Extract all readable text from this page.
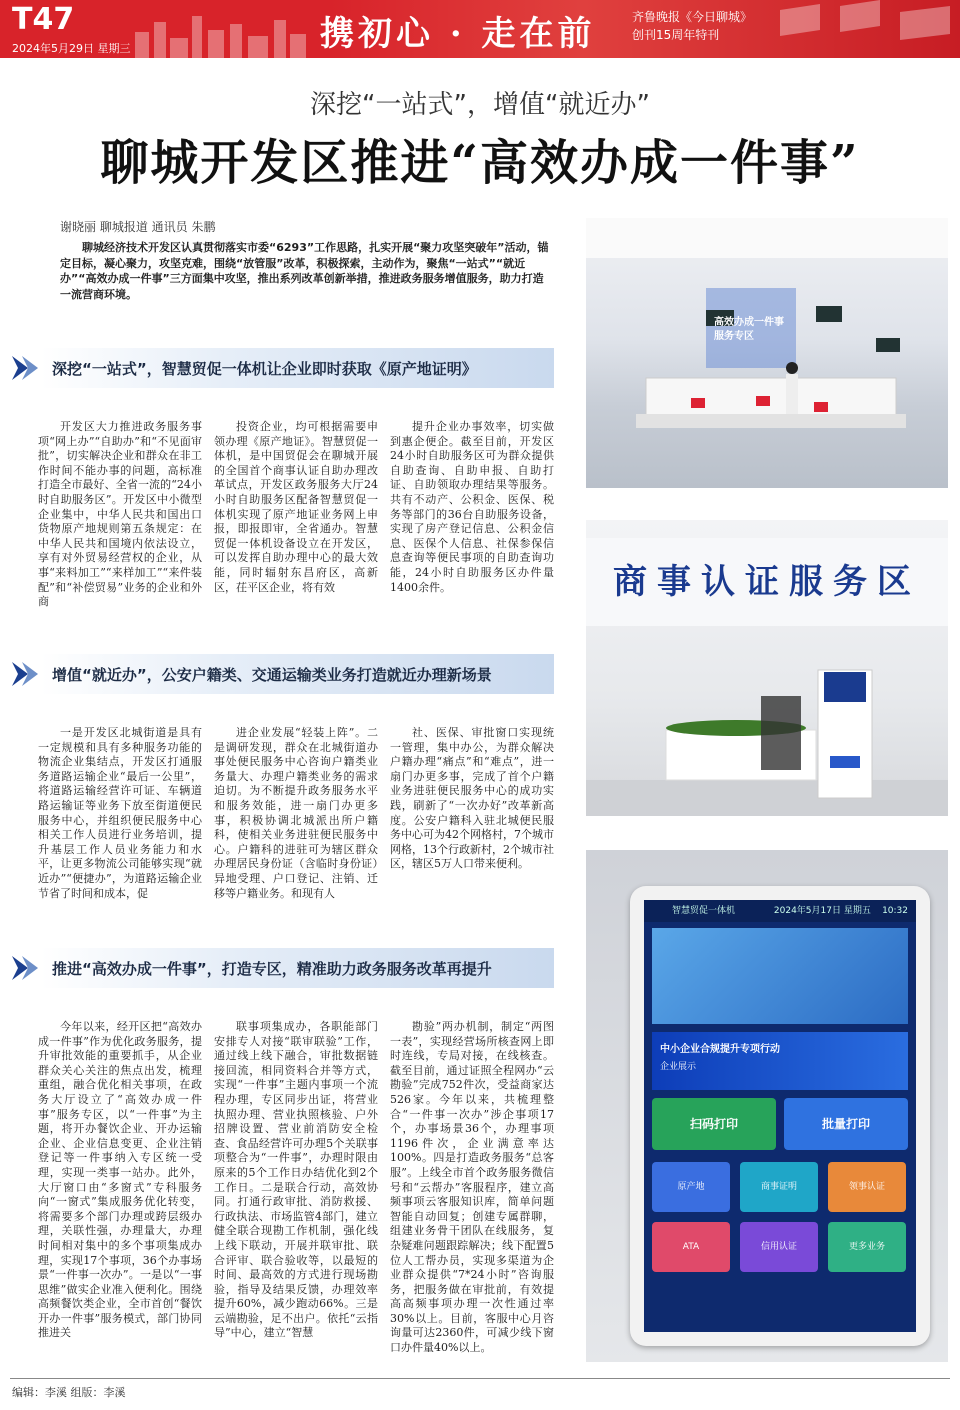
T47
2024年5月29日 星期三	携初心 · 走在前	齐鲁晚报《今日聊城》
创刊15周年特刊
深挖“一站式”，增值“就近办”
聊城开发区推进“高效办成一件事”
谢晓丽 聊城报道 通讯员 朱鹏
聊城经济技术开发区认真贯彻落实市委“6293”工作思路，扎实开展“聚力攻坚突破年”活动，锚定目标，凝心聚力，攻坚克难，围绕“放管服”改革，积极探索，主动作为，聚焦“一站式”“就近办”“高效办成一件事”三方面集中攻坚，推出系列改革创新举措，推进政务服务增值服务，助力打造一流营商环境。
深挖“一站式”，智慧贸促一体机让企业即时获取《原产地证明》

开发区大力推进政务服务事项“网上办”“自助办”和“不见面审批”，切实解决企业和群众在非工作时间不能办事的问题，高标准打造全市最好、全省一流的“24小时自助服务区”。开发区中小微型企业集中，中华人民共和国出口货物原产地规则第五条规定：在中华人民共和国境内依法设立，享有对外贸易经营权的企业，从事“来料加工”“来样加工”“来件装配”和“补偿贸易”业务的企业和外商

投资企业，均可根据需要申领办理《原产地证》。智慧贸促一体机，是中国贸促会在聊城开展的全国首个商事认证自助办理改革试点，开发区政务服务大厅24小时自助服务区配备智慧贸促一体机实现了原产地证业务网上申报，即报即审，全省通办。智慧贸促一体机设备设立在开发区，可以发挥自助办理中心的最大效能，同时辐射东昌府区，高新区，茌平区企业，将有效

提升企业办事效率，切实做到惠企便企。截至目前，开发区24小时自助服务区可为群众提供自助查询、自助申报、自助打证、自助领取办理结果等服务。共有不动产、公积金、医保、税务等部门的36台自助服务设备，实现了房产登记信息、公积金信息、医保个人信息、社保参保信息查询等便民事项的自助查询功能，24小时自助服务区办件量1400余件。

增值“就近办”，公安户籍类、交通运输类业务打造就近办理新场景

一是开发区北城街道是具有一定规模和具有多种服务功能的物流企业集结点，开发区打通服务道路运输企业“最后一公里”，将道路运输经营许可证、车辆道路运输证等业务下放至街道便民服务中心，并组织便民服务中心相关工作人员进行业务培训，提升基层工作人员业务能力和水平，让更多物流公司能够实现“就近办”“便捷办”，为道路运输企业节省了时间和成本，促

进企业发展“轻装上阵”。二是调研发现，群众在北城街道办事处便民服务中心咨询户籍类业务量大、办理户籍类业务的需求迫切。为不断提升政务服务水平和服务效能，进一扇门办更多事，积极协调北城派出所户籍科，使相关业务进驻便民服务中心。户籍科的进驻可为辖区群众办理居民身份证（含临时身份证）异地受理、户口登记、注销、迁移等户籍业务。和现有人

社、医保、审批窗口实现统一管理，集中办公，为群众解决户籍办理“痛点”和“难点”，进一扇门办更多事，完成了首个户籍业务进驻便民服务中心的成功实践，刷新了“一次办好”改革新高度。公安户籍科入驻北城便民服务中心可为42个网格村，7个城市网格，13个行政新村，2个城市社区，辖区5万人口带来便利。

推进“高效办成一件事”，打造专区，精准助力政务服务改革再提升

今年以来，经开区把“高效办成一件事”作为优化政务服务，提升审批效能的重要抓手，从企业群众关心关注的焦点出发，梳理重组，融合优化相关事项，在政务大厅设立了“高效办成一件事”服务专区，以“一件事”为主题，将开办餐饮企业、开办运输企业、企业信息变更、企业注销登记等一件事纳入专区统一受理，实现一类事一站办。此外，大厅窗口由“多窗式”专科服务向“一窗式”集成服务优化转变，将需要多个部门办理或跨层级办理，关联性强，办理量大，办理时间相对集中的多个事项集成办理，实现17个事项，36个办事场景“一件事一次办”。一是以“一事思维”做实企业准入便利化。围绕高频餐饮类企业，全市首创“餐饮开办一件事”服务模式，部门协同推进关

联事项集成办，各职能部门安排专人对接“联审联验”工作，通过线上线下融合，审批数据链接回流，相同资料合并等方式，实现“一件事”主题内事项一个流程办理，专区同步出证，将营业执照办理、营业执照核验、户外招牌设置、营业前消防安全检查、食品经营许可办理5个关联事项整合为“一件事”，办理时限由原来的5个工作日办结优化到2个工作日。二是联合行动，高效协同。打通行政审批、消防救援、行政执法、市场监管4部门，建立健全联合现勘工作机制，强化线上线下联动，开展并联审批、联合评审、联合验收等，以最短的时间、最高效的方式进行现场勘验，指导及结果反馈，办理效率提升60%，减少跑动66%。三是云端勘验，足不出户。依托“云指导”中心，建立“智慧

勘验”两办机制，制定“两图一表”，实现经营场所核查网上即时连线，专局对接，在线核查。截至目前，通过证照全程网办“云勘验”完成752件次，受益商家达526家。今年以来，共梳理整合“一件事一次办”涉企事项17个，办事场景36个，办理事项1196件次，企业满意率达100%。四是打造政务服务“总客服”。上线全市首个政务服务微信号和“云帮办”客服程序，建立高频事项云客服知识库，简单问题智能自动回复；创建专属群聊，组建业务骨干团队在线服务，复杂疑难问题跟踪解决；线下配置5位人工帮办员，实现多渠道为企业群众提供“7*24小时”咨询服务，把服务做在审批前，有效提高高频事项办理一次性通过率30%以上。目前，客服中心月咨询量可达2360件，可减少线下窗口办件量40%以上。

高效办成一件事 服务专区
商事认证服务区
智慧贸促一体机	2024年5月17日 星期五 10:32
中小企业合规提升专项行动
企业展示
扫码打印	批量打印
原产地	商事证明	领事认证
ATA	信用认证	更多业务
编辑：李溪 组版：李溪
